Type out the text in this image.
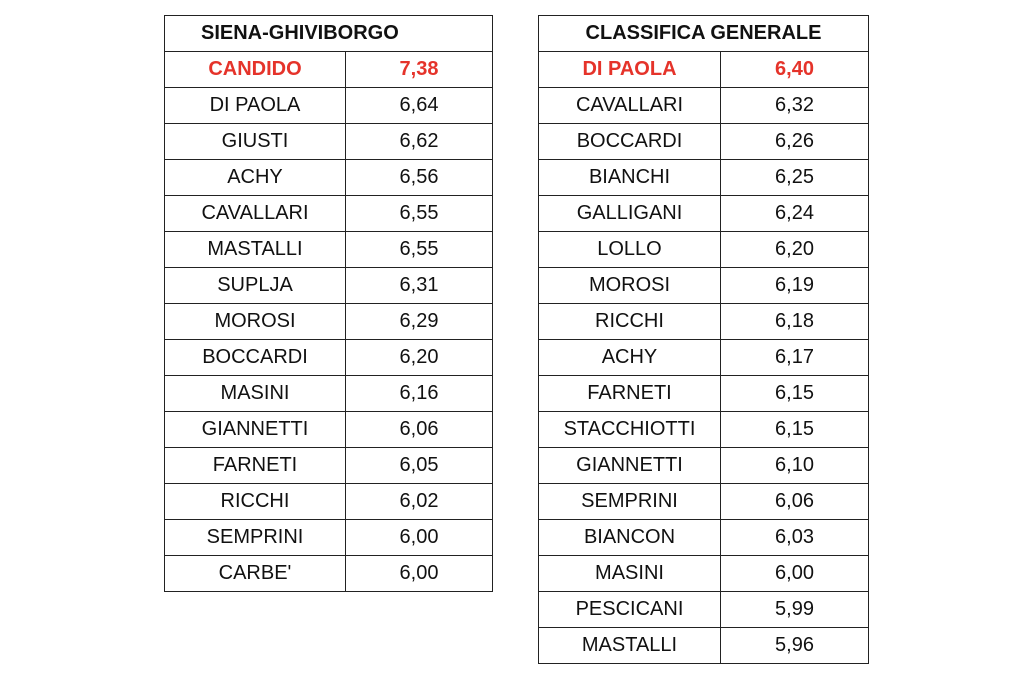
SIENA-GHIVIBORGO	
CANDIDO	7,38
DI PAOLA	6,64
GIUSTI	6,62
ACHY	6,56
CAVALLARI	6,55
MASTALLI	6,55
SUPLJA	6,31
MOROSI	6,29
BOCCARDI	6,20
MASINI	6,16
GIANNETTI	6,06
FARNETI	6,05
RICCHI	6,02
SEMPRINI	6,00
CARBE'	6,00
CLASSIFICA GENERALE	
DI PAOLA	6,40
CAVALLARI	6,32
BOCCARDI	6,26
BIANCHI	6,25
GALLIGANI	6,24
LOLLO	6,20
MOROSI	6,19
RICCHI	6,18
ACHY	6,17
FARNETI	6,15
STACCHIOTTI	6,15
GIANNETTI	6,10
SEMPRINI	6,06
BIANCON	6,03
MASINI	6,00
PESCICANI	5,99
MASTALLI	5,96
